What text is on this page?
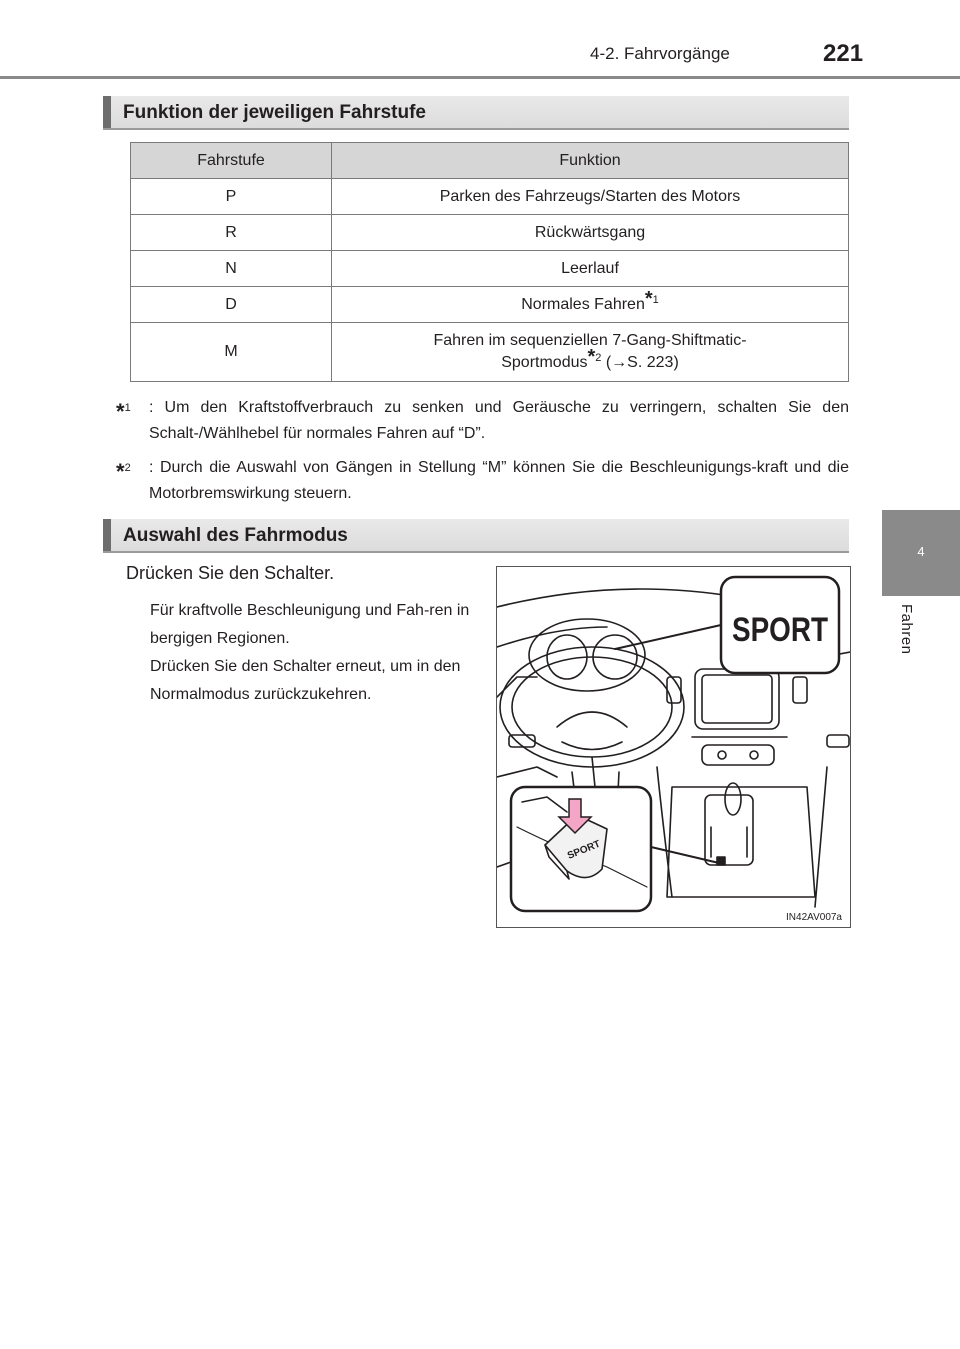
4-2. Fahrvorgänge	221
4
Fahren
Funktion der jeweiligen Fahrstufe
Fahrstufe	Funktion
P	Parken des Fahrzeugs/Starten des Motors
R	Rückwärtsgang
N	Leerlauf
D	Normales Fahren$^{*1}$
M	Fahren im sequenziellen 7-Gang-Shiftmatic-
Sportmodus$^{*2}$ (→S. 223)
*$^1$ : Um den Kraftstoffverbrauch zu senken und Geräusche zu verringern, schalten Sie den Schalt-/Wählhebel für normales Fahren auf “D”.
*$^2$ : Durch die Auswahl von Gängen in Stellung “M” können Sie die Beschleunigungs-kraft und die Motorbremswirkung steuern.
Auswahl des Fahrmodus
Drücken Sie den Schalter.
Für kraftvolle Beschleunigung und Fah-ren in bergigen Regionen.
Drücken Sie den Schalter erneut, um in den Normalmodus zurückzukehren.
SPORT
SPORT
IN42AV007a
